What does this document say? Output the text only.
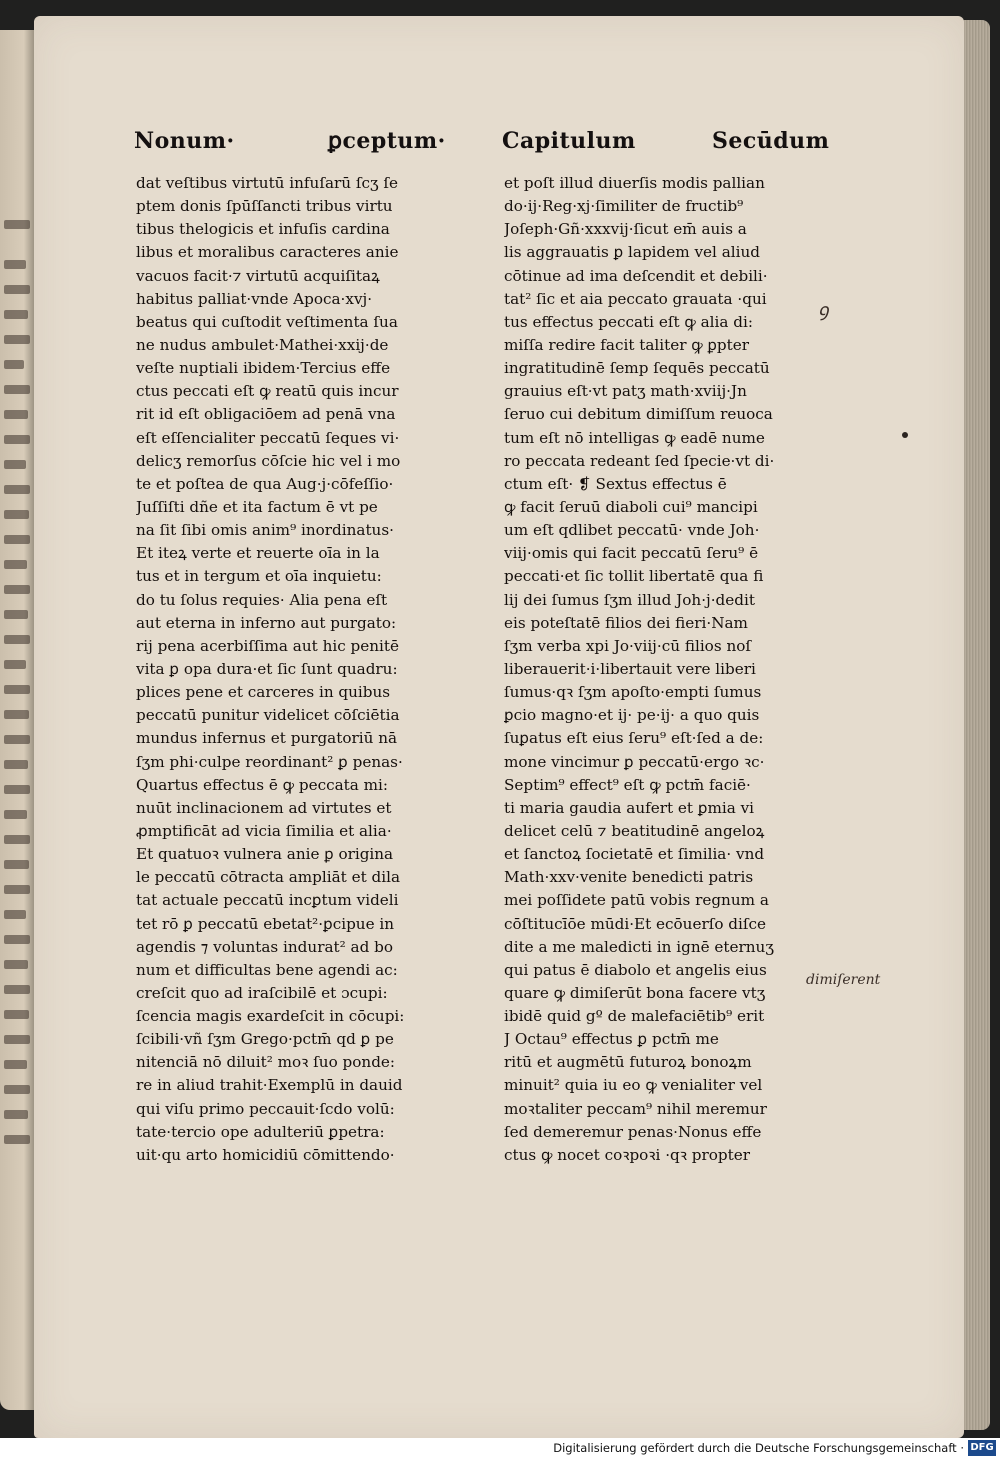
Nonum·	ꝑceptum·	Capitulum	Secūdum
dat veſtibus virtutū infuſarū ſcʒ ſe
ptem donis ſpūſſancti tribus virtu
tibus thelogicis et infuſis cardina
libus et moralibus caracteres anie
vacuos facit·⁊ virtutū acquiſitaꝝ
habitus palliat·vnde Apoca·xvj·
beatus qui cuſtodit veſtimenta ſua
ne nudus ambulet·Mathei·xxij·de
veſte nuptiali ibidem·Tercius effe
ctus peccati eſt ꝙ reatū quis incur
rit id eſt obligaciōem ad penā vna
eſt eſſencialiter peccatū ſeques vi·
delicʒ remorſus cōſcie hic vel i mo
te et poſtea de qua Aug·j·cōfeſſio·
Juſſiſti dñe et ita factum ē vt pe
na ſit ſibi omis anim⁹ inordinatus·
Et iteꝝ verte et reuerte oīa in la
tus et in tergum et oīa inquietu:
do tu ſolus requies· Alia pena eſt
aut eterna in inferno aut purgato:
rij pena acerbiſſima aut hic penitē
vita ꝑ opa dura·et ſic ſunt quadru:
plices pene et carceres in quibus
peccatū punitur videlicet cōſciētia
mundus infernus et purgatoriū nā
ſʒm phi·culpe reordinant² ꝑ penas·
Quartus effectus ē ꝙ peccata mi:
nuūt inclinacionem ad virtutes et
ꝓmptificāt ad vicia ſimilia et alia·
Et quatuoꝛ vulnera anie ꝑ origina
le peccatū cōtracta ampliāt et dila
tat actuale peccatū incꝑtum videli
tet rō ꝑ peccatū ebetat²·ꝑcipue in
agendis ⁊ voluntas indurat² ad bo
num et difficultas bene agendi ac:
creſcit quo ad iraſcibilē et ɔcupi:
ſcencia magis exardeſcit in cōcupi:
ſcibili·vñ ſʒm Grego·pctm̄ qd ꝑ pe
nitenciā nō diluit² moꝛ ſuo ponde:
re in aliud trahit·Exemplū in dauid
qui viſu primo peccauit·ſcdo volū:
tate·tercio ope adulteriū ꝑpetra:
uit·qu arto homicidiū cōmittendo·
et poſt illud diuerſis modis pallian
do·ij·Reg·xj·ſimiliter de fructib⁹
Joſeph·Gñ·xxxvij·ſicut em̄ auis a
lis aggrauatis ꝑ lapidem vel aliud
cōtinue ad ima deſcendit et debili·
tat² ſic et aia peccato grauata ·qui
tus effectus peccati eſt ꝙ alia di:
miſſa redire facit taliter ꝙ ꝑpter
ingratitudinē ſemp ſequēs peccatū
grauius eſt·vt patʒ math·xviij·Jn
ſeruo cui debitum dimiſſum reuoca
tum eſt nō intelligas ꝙ eadē nume
ro peccata redeant ſed ſpecie·vt di·
ctum eſt· ❡ Sextus effectus ē
ꝙ facit ſeruū diaboli cui⁹ mancipi
um eſt qdlibet peccatū· vnde Joh·
viij·omis qui facit peccatū ſeru⁹ ē
peccati·et ſic tollit libertatē qua fi
lij dei ſumus ſʒm illud Joh·j·dedit
eis poteſtatē filios dei fieri·Nam
ſʒm verba xpi Jo·viij·cū filios noſ
liberauerit·i·libertauit vere liberi
ſumus·qꝛ ſʒm apoſto·empti ſumus
ꝑcio magno·et ij· pe·ij· a quo quis
ſuꝑatus eſt eius ſeru⁹ eſt·ſed a de:
mone vincimur ꝑ peccatū·ergo ꝛc·
Septim⁹ effect⁹ eſt ꝙ pctm̄ faciē·
ti maria gaudia aufert et ꝑmia vi
delicet celū ⁊ beatitudinē angeloꝝ
et ſanctoꝝ ſocietatē et ſimilia· vnd
Math·xxv·venite benedicti patris
mei poſſidete patū vobis regnum a
cōſtitucīōe mūdi·Et ecōuerſo diſce
dite a me maledicti in ignē eternuʒ
qui patus ē diabolo et angelis eius
quare ꝙ dimiſerūt bona facere vtʒ
ibidē quid gº de malefaciētib⁹ erit
J Octau⁹ effectus ꝑ pctm̄ me
ritū et augmētū futuroꝝ bonoꝝm
minuit² quia iu eo ꝙ venialiter vel
moꝛtaliter peccam⁹ nihil meremur
ſed demeremur penas·Nonus effe
ctus ꝙ nocet coꝛpoꝛi ·qꝛ propter
ꝯ
dimiſerent
Digitalisierung gefördert durch die Deutsche Forschungsgemeinschaft · DFG
